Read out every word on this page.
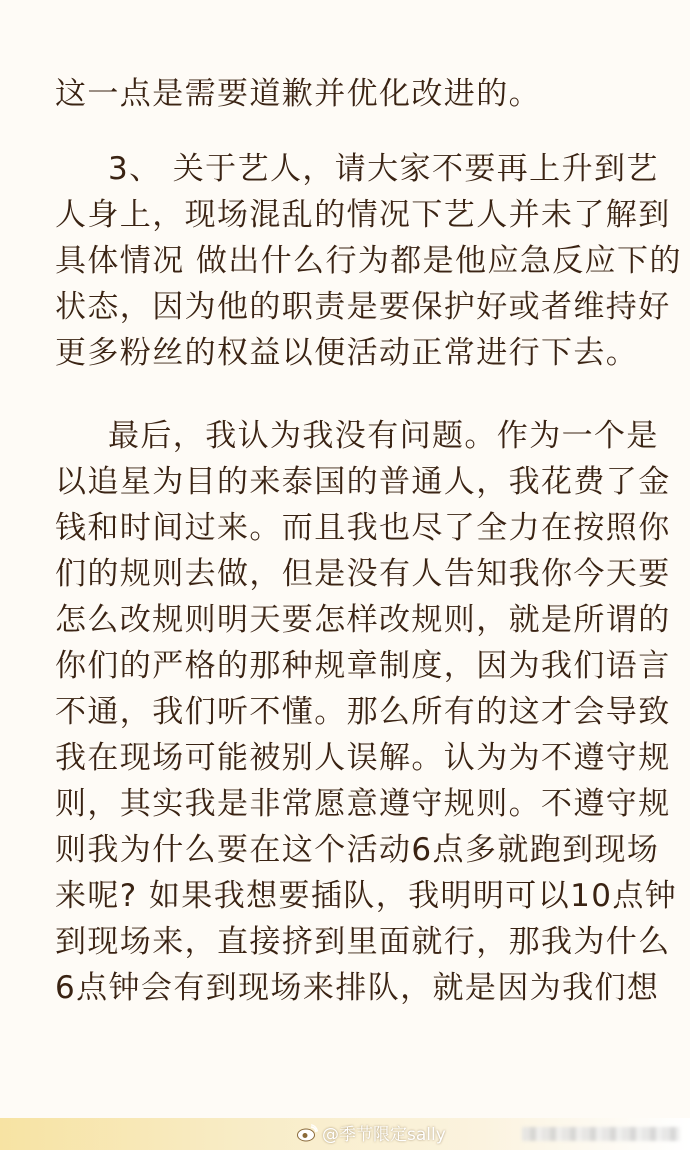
这一点是需要道歉并优化改进的。
3、 关于艺人，请大家不要再上升到艺
人身上，现场混乱的情况下艺人并未了解到
具体情况 做出什么行为都是他应急反应下的
状态，因为他的职责是要保护好或者维持好
更多粉丝的权益以便活动正常进行下去。
最后，我认为我没有问题。作为一个是
以追星为目的来泰国的普通人，我花费了金
钱和时间过来。而且我也尽了全力在按照你
们的规则去做，但是没有人告知我你今天要
怎么改规则明天要怎样改规则，就是所谓的
你们的严格的那种规章制度，因为我们语言
不通，我们听不懂。那么所有的这才会导致
我在现场可能被别人误解。认为为不遵守规
则，其实我是非常愿意遵守规则。不遵守规
则我为什么要在这个活动6点多就跑到现场
来呢? 如果我想要插队，我明明可以10点钟
到现场来，直接挤到里面就行，那我为什么
6点钟会有到现场来排队，就是因为我们想
@季节限定sally
